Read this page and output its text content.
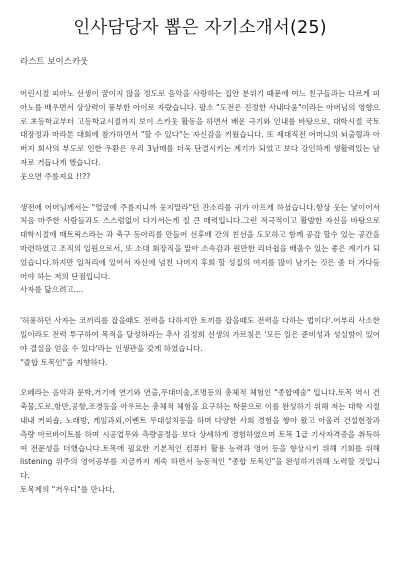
인사담당자 뽑은 자기소개서(25)
라스트 보이스카웃

어린시절 피아노 선생이 꿈이지 않을 정도로 음악을 사랑하는 집안 분위기 때문에 여느 친구들과는 다르게 피아노를 배우면서 상상력이 풍부한 아이로 자랐습니다. 팔소 "도전은 진정한 사내다움"이라는 아버님의 영향으로 초등학교부터 고등학교시절까지 보이 스카웃 활동을 하면서 배운 극기와 인내를 바탕으로, 대학시절 국토 대장정과 마라톤 대회에 참가하면서 "할 수 있다"는 자신감을 키웠습니다. 또 제대직전 어머니의 뇌출혈과 아버지 회사의 부도로 인한 우환은 우리 3남매를 더욱 단결시키는 계기가 되었고 보다 강인하게 생활력있는 남자로 거듭나게 했습니다.

웃으면 주름져요 !!??

생전에 어머님께서는 "얼굴에 주름지니까 웃지말라"던 잔소리를 귀가 아프게 하셨습니다.항상 웃는 낯이어서 처음 마주한 사람들과도 스스럼없이 다가서는게 절 큰 매력입니다.그런 적극적이고 활발한 자신을 바탕으로 대학시절에 매트릭스라는 과 축구 동아리를 만들어 선후배 간의 친선을 도모하고 함께 공감 할수 있는 공간을 마련하였고 조직의 일원으로서, 또 소대 회장직을 맡아 소속감과 원만한 리더쉽을 배울수 있는 좋은 계기가 되었습니다.하지만 일처리에 있어서 자신에 넘친 나머지 후회 할 성질의 여지를 많이 남기는 것은 좀 더 가다듬어야 하는 저의 단점입니다.

사자를 닮으려고....

'허풍하던 사자는 코끼리를 잡을때도 전력을 다하지만 토끼를 잡을때도 전력을 다하는 법이다'.어부리 사소한 일이라도 전력 투구하여 목적을 달성하라는 추사 김정희 선생의 가르침은 '모든 일은 준비성과 성실함이 있어야 결실을 얻을 수 있다'라는 인생관을 갖게 하였습니다.

"즐합 토목인"을 지향하다.

오페라는 음악과 문학,거기에 연기와 연출,무대미술,조명등의 총체적 체험인 "종합예술" 입니다.토목 역시 건축물,도로,항만,공항,조경등을 아우르는 총체적 체험을 요구하는 학문으로 이를 완성하기 위해 저는 대학 시절 내내 커피숍, 노래방, 게임과외,이벤트 무대설치등을 하며 다양한 사회 경험을 쌓아 왔고 아울러 건설현장과 측량 아르바이트를 하며 시공업무와 측량공정을 보다 상세하게 경험하였으며 토목 1급 기사자격증을 취득하여 전문성을 더했습니다.토목에 필요한 기본적인 컴퓨터 활용 능력과 영어 등을 향상시키 위해 기회를 위해 listening 위주의 영어공부를 지금까지 계속 하면서 능동적인 "종합 토목인"을 완성하기위해 노력할 것입니다.

토목계의 "거우디"를 만나다,
